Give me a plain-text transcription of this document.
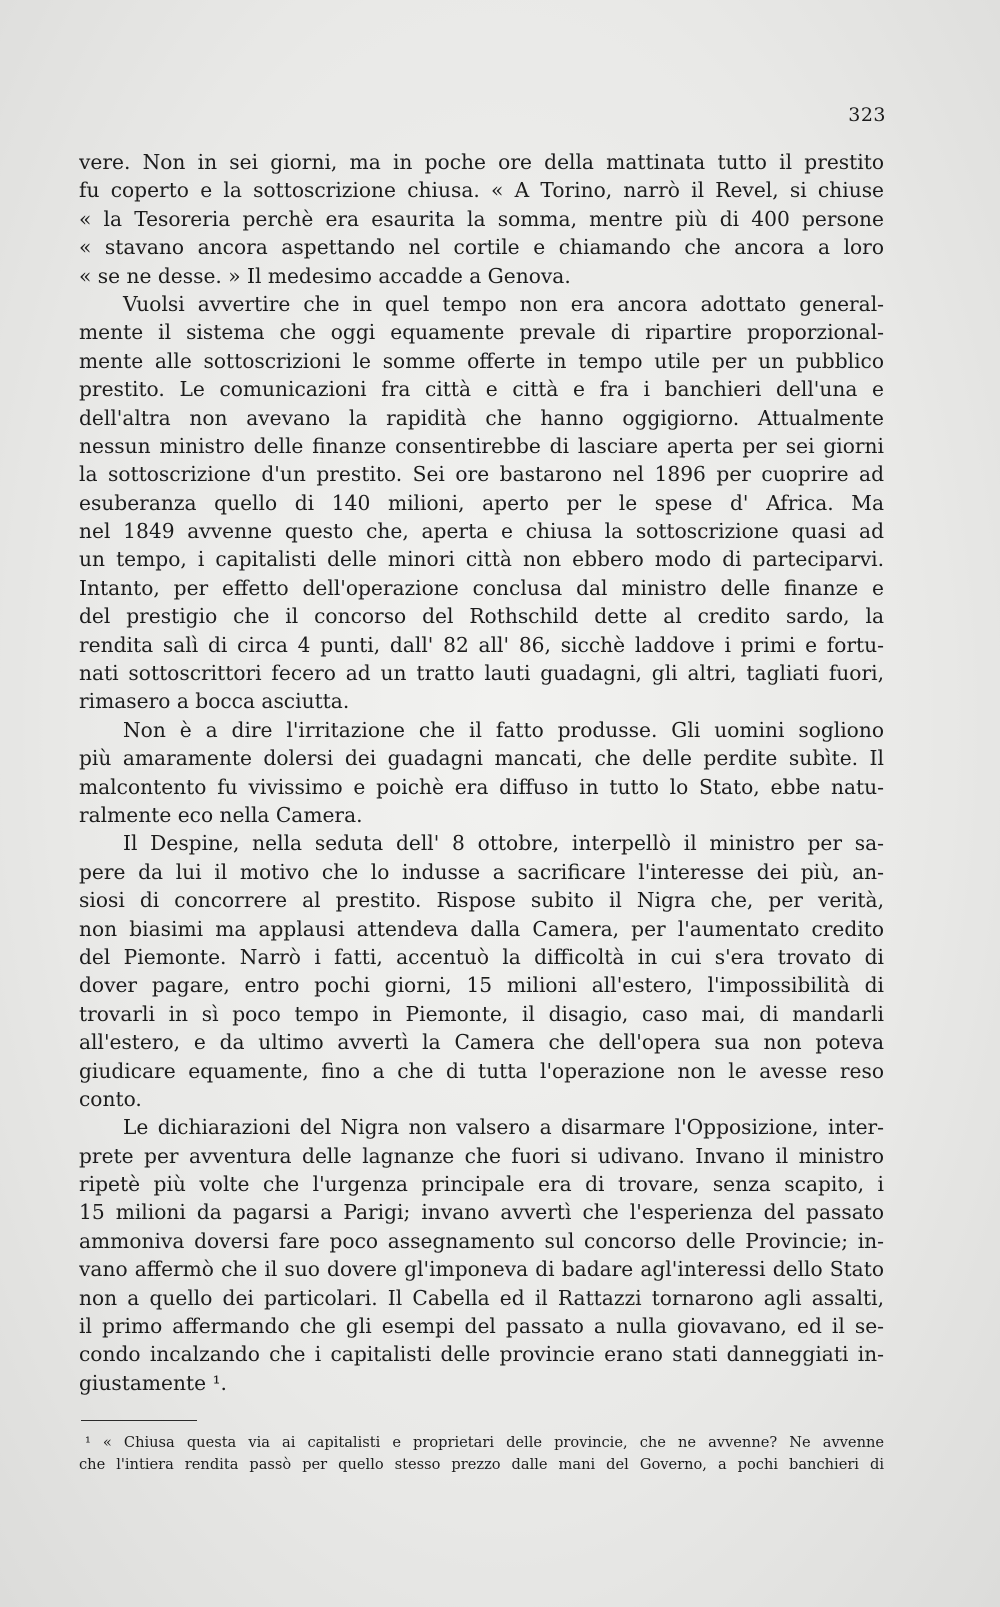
323
vere. Non in sei giorni, ma in poche ore della mattinata tutto il prestito
fu coperto e la sottoscrizione chiusa. « A Torino, narrò il Revel, si chiuse
« la Tesoreria perchè era esaurita la somma, mentre più di 400 persone
« stavano ancora aspettando nel cortile e chiamando che ancora a loro
« se ne desse. » Il medesimo accadde a Genova.
Vuolsi avvertire che in quel tempo non era ancora adottato general-
mente il sistema che oggi equamente prevale di ripartire proporzional-
mente alle sottoscrizioni le somme offerte in tempo utile per un pubblico
prestito. Le comunicazioni fra città e città e fra i banchieri dell'una e
dell'altra non avevano la rapidità che hanno oggigiorno. Attualmente
nessun ministro delle finanze consentirebbe di lasciare aperta per sei giorni
la sottoscrizione d'un prestito. Sei ore bastarono nel 1896 per cuoprire ad
esuberanza quello di 140 milioni, aperto per le spese d' Africa. Ma
nel 1849 avvenne questo che, aperta e chiusa la sottoscrizione quasi ad
un tempo, i capitalisti delle minori città non ebbero modo di parteciparvi.
Intanto, per effetto dell'operazione conclusa dal ministro delle finanze e
del prestigio che il concorso del Rothschild dette al credito sardo, la
rendita salì di circa 4 punti, dall' 82 all' 86, sicchè laddove i primi e fortu-
nati sottoscrittori fecero ad un tratto lauti guadagni, gli altri, tagliati fuori,
rimasero a bocca asciutta.
Non è a dire l'irritazione che il fatto produsse. Gli uomini sogliono
più amaramente dolersi dei guadagni mancati, che delle perdite subìte. Il
malcontento fu vivissimo e poichè era diffuso in tutto lo Stato, ebbe natu-
ralmente eco nella Camera.
Il Despine, nella seduta dell' 8 ottobre, interpellò il ministro per sa-
pere da lui il motivo che lo indusse a sacrificare l'interesse dei più, an-
siosi di concorrere al prestito. Rispose subito il Nigra che, per verità,
non biasimi ma applausi attendeva dalla Camera, per l'aumentato credito
del Piemonte. Narrò i fatti, accentuò la difficoltà in cui s'era trovato di
dover pagare, entro pochi giorni, 15 milioni all'estero, l'impossibilità di
trovarli in sì poco tempo in Piemonte, il disagio, caso mai, di mandarli
all'estero, e da ultimo avvertì la Camera che dell'opera sua non poteva
giudicare equamente, fino a che di tutta l'operazione non le avesse reso
conto.
Le dichiarazioni del Nigra non valsero a disarmare l'Opposizione, inter-
prete per avventura delle lagnanze che fuori si udivano. Invano il ministro
ripetè più volte che l'urgenza principale era di trovare, senza scapito, i
15 milioni da pagarsi a Parigi; invano avvertì che l'esperienza del passato
ammoniva doversi fare poco assegnamento sul concorso delle Provincie; in-
vano affermò che il suo dovere gl'imponeva di badare agl'interessi dello Stato
non a quello dei particolari. Il Cabella ed il Rattazzi tornarono agli assalti,
il primo affermando che gli esempi del passato a nulla giovavano, ed il se-
condo incalzando che i capitalisti delle provincie erano stati danneggiati in-
giustamente ¹.
¹ « Chiusa questa via ai capitalisti e proprietari delle provincie, che ne avvenne? Ne avvenne
che l'intiera rendita passò per quello stesso prezzo dalle mani del Governo, a pochi banchieri di
